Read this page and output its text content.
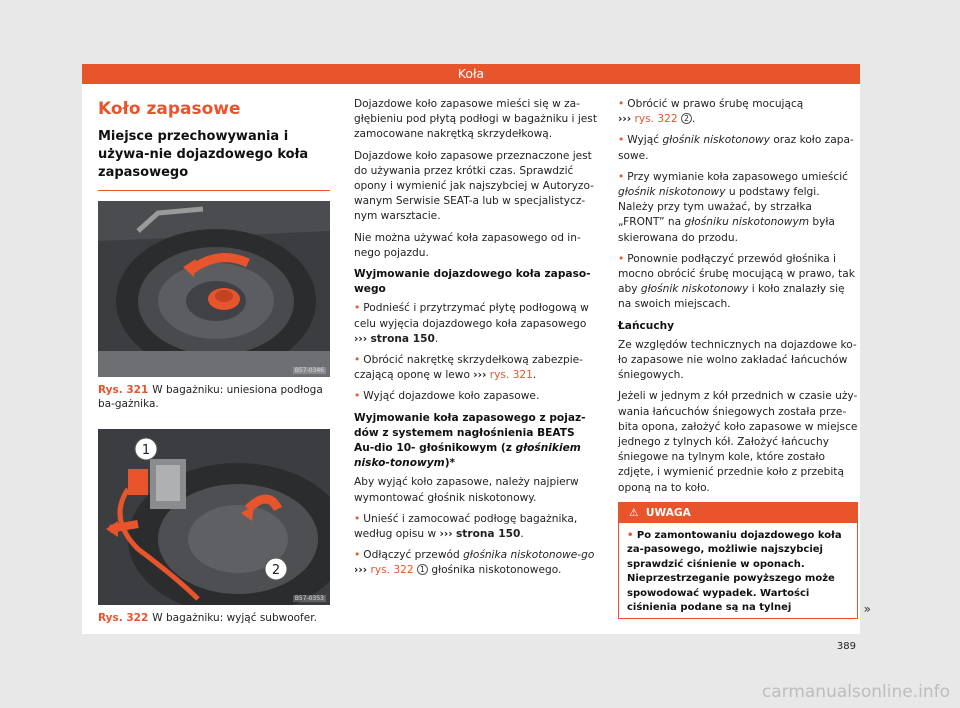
Koła
Koło zapasowe
Miejsce przechowywania i używa-nie dojazdowego koła zapasowego
B57-0346
Rys. 321 W bagażniku: uniesiona podłoga ba-gażnika.
1
2
B57-0353
Rys. 322 W bagażniku: wyjąć subwoofer.

Dojazdowe koło zapasowe mieści się w za-głębieniu pod płytą podłogi w bagażniku i jest zamocowane nakrętką skrzydełkową.

Dojazdowe koło zapasowe przeznaczone jest do używania przez krótki czas. Sprawdzić opony i wymienić jak najszybciej w Autoryzo-wanym Serwisie SEAT-a lub w specjalistycz-nym warsztacie.

Nie można używać koła zapasowego od in-nego pojazdu.

Wyjmowanie dojazdowego koła zapaso-wego

• Podnieść i przytrzymać płytę podłogową w celu wyjęcia dojazdowego koła zapasowego ››› strona 150.

• Obrócić nakrętkę skrzydełkową zabezpie-czającą oponę w lewo ››› rys. 321.

• Wyjąć dojazdowe koło zapasowe.

Wyjmowanie koła zapasowego z pojaz-dów z systemem nagłośnienia BEATS Au-dio 10- głośnikowym (z głośnikiem nisko-tonowym)*

Aby wyjąć koło zapasowe, należy najpierw wymontować głośnik niskotonowy.

• Unieść i zamocować podłogę bagażnika, według opisu w ››› strona 150.

• Odłączyć przewód głośnika niskotonowe-go ››› rys. 322 1 głośnika niskotonowego.

• Obrócić w prawo śrubę mocującą
››› rys. 322 2 .

• Wyjąć głośnik niskotonowy oraz koło zapa-sowe.

• Przy wymianie koła zapasowego umieścić głośnik niskotonowy u podstawy felgi. Należy przy tym uważać, by strzałka „FRONT” na głośniku niskotonowym była skierowana do przodu.

• Ponownie podłączyć przewód głośnika i mocno obrócić śrubę mocującą w prawo, tak aby głośnik niskotonowy i koło znalazły się na swoich miejscach.

Łańcuchy

Ze względów technicznych na dojazdowe ko-ło zapasowe nie wolno zakładać łańcuchów śniegowych.

Jeżeli w jednym z kół przednich w czasie uży-wania łańcuchów śniegowych została prze-bita opona, założyć koło zapasowe w miejsce jednego z tylnych kół. Założyć łańcuchy śniegowe na tylnym kole, które zostało zdjęte, i wymienić przednie koło z przebitą oponą na to koło.

⚠ UWAGA
• Po zamontowaniu dojazdowego koła za-pasowego, możliwie najszybciej sprawdzić ciśnienie w oponach. Nieprzestrzeganie powyższego może spowodować wypadek. Wartości ciśnienia podane są na tylnej	»
389
carmanualsonline.info
